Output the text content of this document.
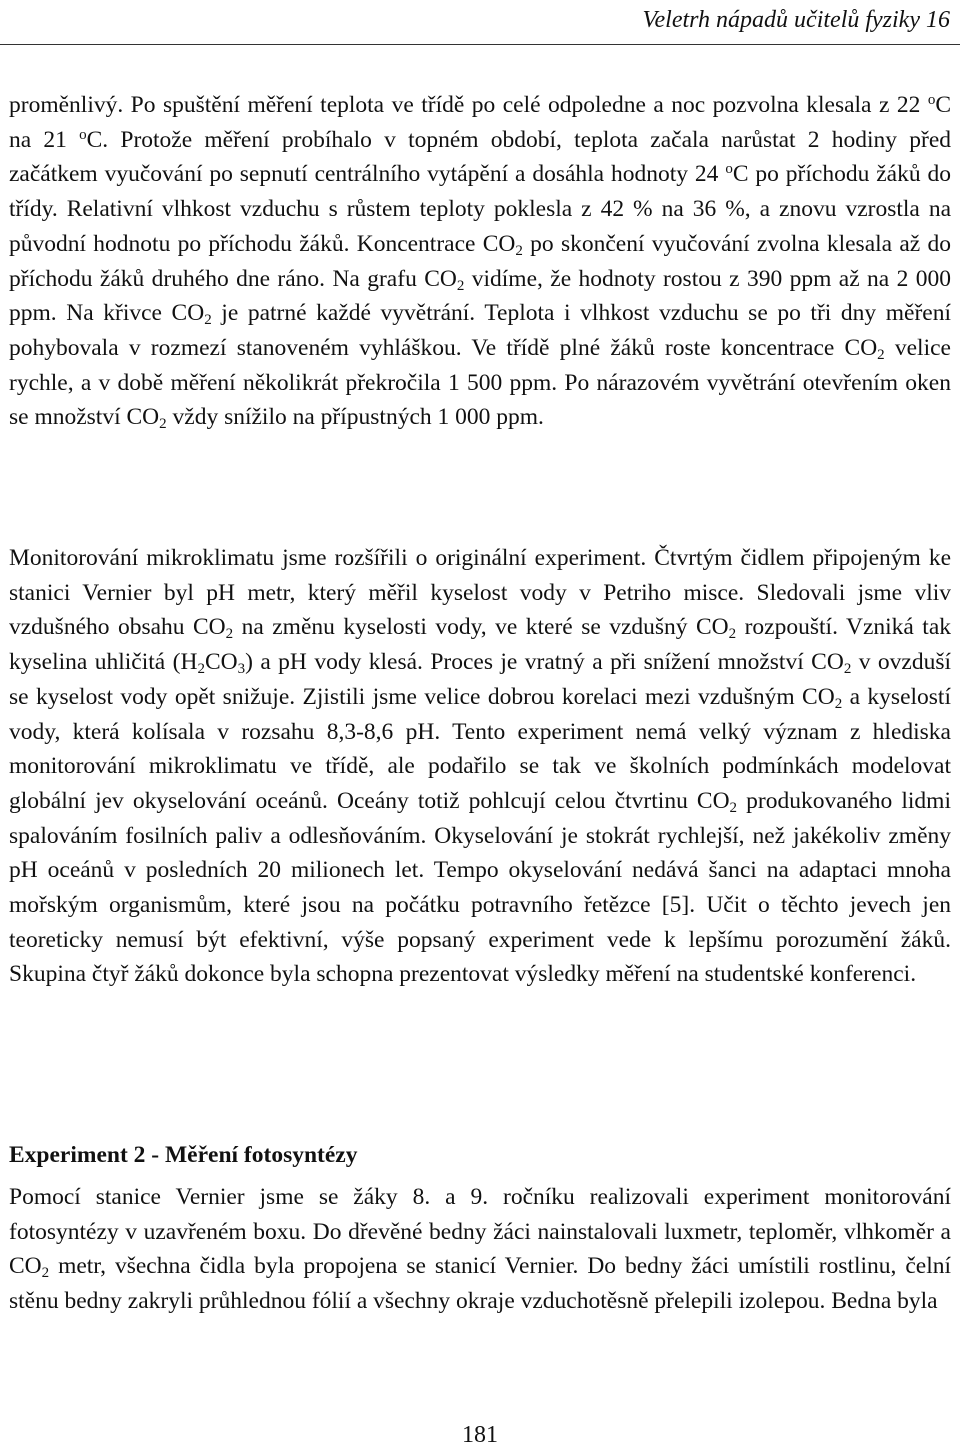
Veletrh nápadů učitelů fyziky 16

proměnlivý. Po spuštění měření teplota ve třídě po celé odpoledne a noc pozvolna klesala z 22 $^o$C na 21 $^o$C. Protože měření probíhalo v topném období, teplota začala narůstat 2 hodiny před začátkem vyučování po sepnutí centrálního vytápění a dosáhla hodnoty 24 $^o$C po příchodu žáků do třídy. Relativní vlhkost vzduchu s růstem teploty poklesla z 42 % na 36 %, a znovu vzrostla na původní hodnotu po příchodu žáků. Koncentrace $CO_2$ po skončení vyučování zvolna klesala až do příchodu žáků druhého dne ráno. Na grafu $CO_2$ vidíme, že hodnoty rostou z 390 ppm až na 2 000 ppm. Na křivce $CO_2$ je patrné každé vyvětrání. Teplota i vlhkost vzduchu se po tři dny měření pohybovala v rozmezí stanoveném vyhláškou. Ve třídě plné žáků roste koncentrace $CO_2$ velice rychle, a v době měření několikrát překročila 1 500 ppm. Po nárazovém vyvětrání otevřením oken se množství $CO_2$ vždy snížilo na přípustných 1 000 ppm.

Monitorování mikroklimatu jsme rozšířili o originální experiment. Čtvrtým čidlem připojeným ke stanici Vernier byl pH metr, který měřil kyselost vody v Petriho misce. Sledovali jsme vliv vzdušného obsahu $CO_2$ na změnu kyselosti vody, ve které se vzdušný $CO_2$ rozpouští. Vzniká tak kyselina uhličitá $(H_2CO_3)$ a pH vody klesá. Proces je vratný a při snížení množství $CO_2$ v ovzduší se kyselost vody opět snižuje. Zjistili jsme velice dobrou korelaci mezi vzdušným $CO_2$ a kyselostí vody, která kolísala v rozsahu 8,3-8,6 pH. Tento experiment nemá velký význam z hlediska monitorování mikroklimatu ve třídě, ale podařilo se tak ve školních podmínkách modelovat globální jev okyselování oceánů. Oceány totiž pohlcují celou čtvrtinu $CO_2$ produkovaného lidmi spalováním fosilních paliv a odlesňováním. Okyselování je stokrát rychlejší, než jakékoliv změny pH oceánů v posledních 20 milionech let. Tempo okyselování nedává šanci na adaptaci mnoha mořským organismům, které jsou na počátku potravního řetězce [5]. Učit o těchto jevech jen teoreticky nemusí být efektivní, výše popsaný experiment vede k lepšímu porozumění žáků. Skupina čtyř žáků dokonce byla schopna prezentovat výsledky měření na studentské konferenci.

Experiment 2 - Měření fotosyntézy

Pomocí stanice Vernier jsme se žáky 8. a 9. ročníku realizovali experiment monitorování fotosyntézy v uzavřeném boxu. Do dřevěné bedny žáci nainstalovali luxmetr, teploměr, vlhkoměr a $CO_2$ metr, všechna čidla byla propojena se stanicí Vernier. Do bedny žáci umístili rostlinu, čelní stěnu bedny zakryli průhlednou fólií a všechny okraje vzduchotěsně přelepili izolepou. Bedna byla

181
